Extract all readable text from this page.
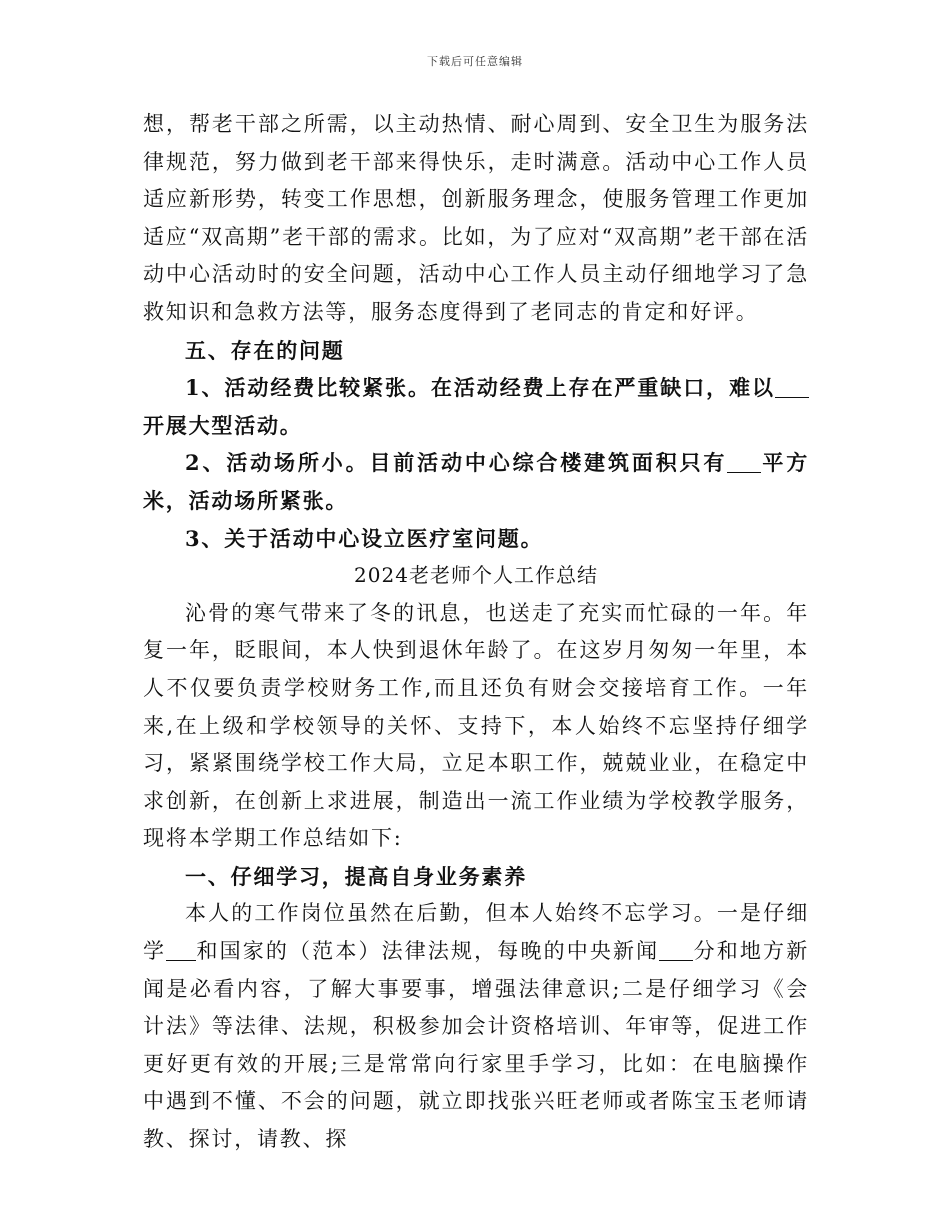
下载后可任意编辑

想，帮老干部之所需，以主动热情、耐心周到、安全卫生为服务法律规范，努力做到老干部来得快乐，走时满意。活动中心工作人员适应新形势，转变工作思想，创新服务理念，使服务管理工作更加适应“双高期”老干部的需求。比如，为了应对“双高期”老干部在活动中心活动时的安全问题，活动中心工作人员主动仔细地学习了急救知识和急救方法等，服务态度得到了老同志的肯定和好评。

五、存在的问题

1、活动经费比较紧张。在活动经费上存在严重缺口，难以开展大型活动。

2、活动场所小。目前活动中心综合楼建筑面积只有 平方米，活动场所紧张。

3、关于活动中心设立医疗室问题。

2024老老师个人工作总结

沁骨的寒气带来了冬的讯息，也送走了充实而忙碌的一年。年复一年，眨眼间，本人快到退休年龄了。在这岁月匆匆一年里，本人不仅要负责学校财务工作,而且还负有财会交接培育工作。一年来,在上级和学校领导的关怀、支持下，本人始终不忘坚持仔细学习，紧紧围绕学校工作大局，立足本职工作，兢兢业业，在稳定中求创新，在创新上求进展，制造出一流工作业绩为学校教学服务，现将本学期工作总结如下:

一、仔细学习，提高自身业务素养

本人的工作岗位虽然在后勤，但本人始终不忘学习。一是仔细学 和国家的（范本）法律法规，每晚的中央新闻 分和地方新闻是必看内容，了解大事要事，增强法律意识;二是仔细学习《会计法》等法律、法规，积极参加会计资格培训、年审等，促进工作更好更有效的开展;三是常常向行家里手学习，比如：在电脑操作中遇到不懂、不会的问题，就立即找张兴旺老师或者陈宝玉老师请教、探讨，请教、探
